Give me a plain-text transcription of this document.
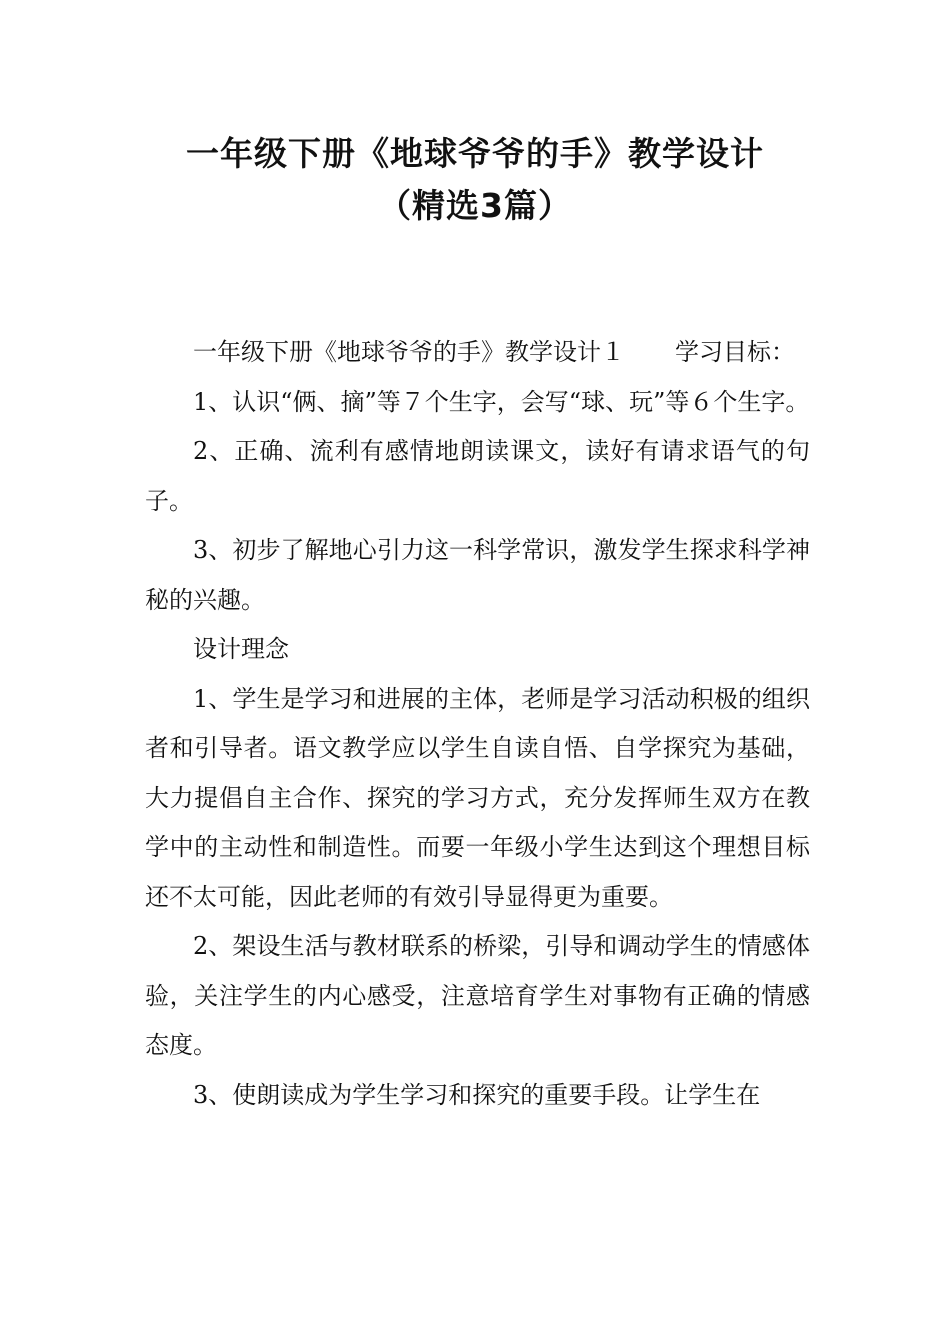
一年级下册《地球爷爷的手》教学设计
（精选3篇）

一年级下册《地球爷爷的手》教学设计１ 学习目标：

1、认识“俩、摘”等７个生字，会写“球、玩”等６个生字。

2、正确、流利有感情地朗读课文，读好有请求语气的句子。

3、初步了解地心引力这一科学常识，激发学生探求科学神秘的兴趣。

设计理念

1、学生是学习和进展的主体，老师是学习活动积极的组织者和引导者。语文教学应以学生自读自悟、自学探究为基础，大力提倡自主合作、探究的学习方式，充分发挥师生双方在教学中的主动性和制造性。而要一年级小学生达到这个理想目标还不太可能，因此老师的有效引导显得更为重要。

2、架设生活与教材联系的桥梁，引导和调动学生的情感体验，关注学生的内心感受，注意培育学生对事物有正确的情感态度。

3、使朗读成为学生学习和探究的重要手段。让学生在
